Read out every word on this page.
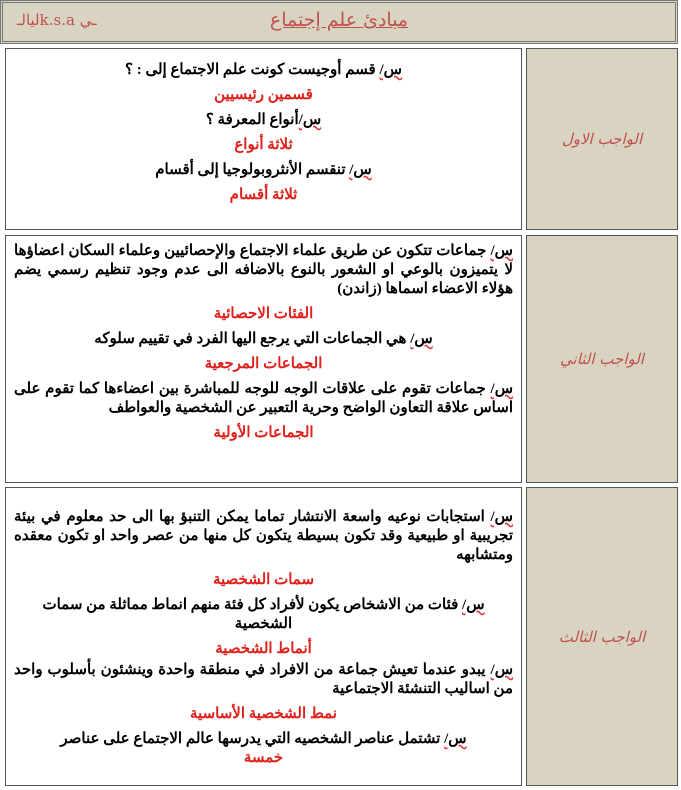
مبادئ علم إجتماع
ليالـk.s.a ـي
س/ قسم أوجيست كونت علم الاجتماع إلى : ؟
قسمين رئيسيين
س/أنواع المعرفة ؟
ثلاثة أنواع
س/ تنقسم الأنثروبولوجيا إلى أقسام
ثلاثة أقسام
الواجب الاول
س/ جماعات تتكون عن طريق علماء الاجتماع والإحصائيين وعلماء السكان اعضاؤها لا يتميزون بالوعي او الشعور بالنوع بالاضافه الى عدم وجود تنظيم رسمي يضم هؤلاء الاعضاء اسماها (زاندن)
الفئات الاحصائية
س/ هي الجماعات التي يرجع اليها الفرد في تقييم سلوكه
الجماعات المرجعية
س/ جماعات تقوم على علاقات الوجه للوجه للمباشرة بين اعضاءها كما تقوم على اساس علاقة التعاون الواضح وحرية التعبير عن الشخصية والعواطف
الجماعات الأولية
الواجب الثاني
س/ استجابات نوعيه واسعة الانتشار تماما يمكن التنبؤ بها الى حد معلوم في بيئة تجريبية او طبيعية وقد تكون بسيطة يتكون كل منها من عصر واحد او تكون معقده ومتشابهه
سمات الشخصية
س/ فئات من الاشخاص يكون لأفراد كل فئة منهم انماط مماثلة من سمات الشخصية
أنماط الشخصية
س/ يبدو عندما تعيش جماعة من الافراد في منطقة واحدة وينشئون بأسلوب واحد من اساليب التنشئة الاجتماعية
نمط الشخصية الأساسية
س/ تشتمل عناصر الشخصيه التي يدرسها عالم الاجتماع على عناصر
خمسة
الواجب الثالث
